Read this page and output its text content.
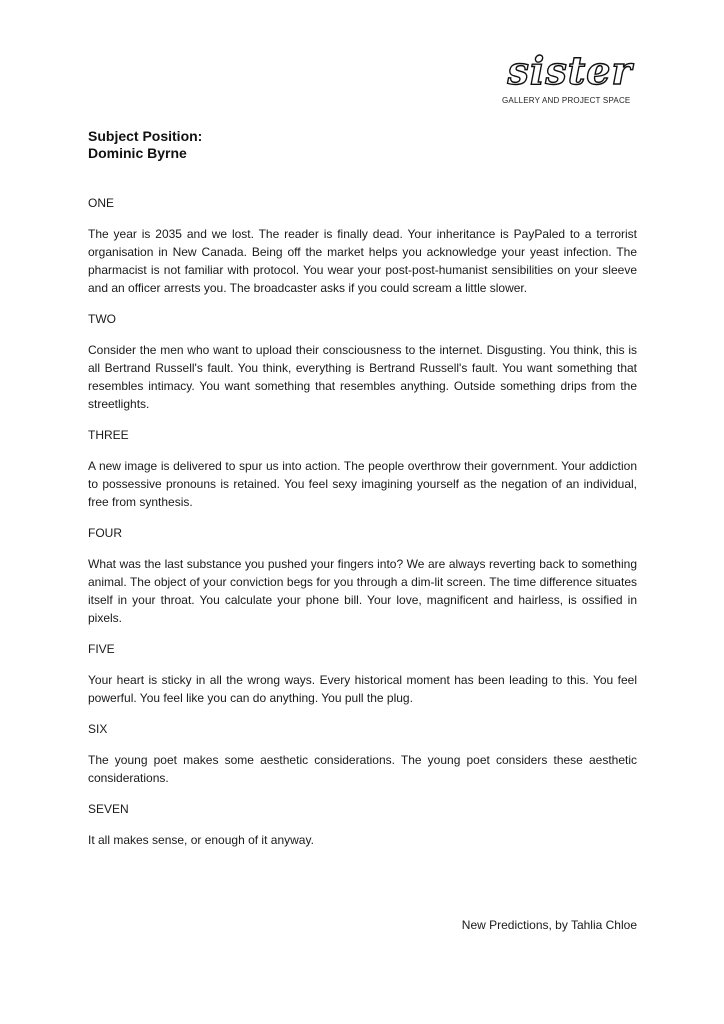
sister
GALLERY AND PROJECT SPACE
Subject Position:
Dominic Byrne
ONE
The year is 2035 and we lost. The reader is finally dead. Your inheritance is PayPaled to a terrorist organisation in New Canada. Being off the market helps you acknowledge your yeast infection. The pharmacist is not familiar with protocol. You wear your post-post-humanist sensibilities on your sleeve and an officer arrests you. The broadcaster asks if you could scream a little slower.
TWO
Consider the men who want to upload their consciousness to the internet. Disgusting. You think, this is all Bertrand Russell's fault. You think, everything is Bertrand Russell's fault. You want something that resembles intimacy. You want something that resembles anything. Outside something drips from the streetlights.
THREE
A new image is delivered to spur us into action. The people overthrow their government. Your addiction to possessive pronouns is retained. You feel sexy imagining yourself as the negation of an individual, free from synthesis.
FOUR
What was the last substance you pushed your fingers into? We are always reverting back to something animal. The object of your conviction begs for you through a dim-lit screen. The time difference situates itself in your throat. You calculate your phone bill. Your love, magnificent and hairless, is ossified in pixels.
FIVE
Your heart is sticky in all the wrong ways. Every historical moment has been leading to this. You feel powerful. You feel like you can do anything. You pull the plug.
SIX
The young poet makes some aesthetic considerations. The young poet considers these aesthetic considerations.
SEVEN
It all makes sense, or enough of it anyway.
New Predictions, by Tahlia Chloe
